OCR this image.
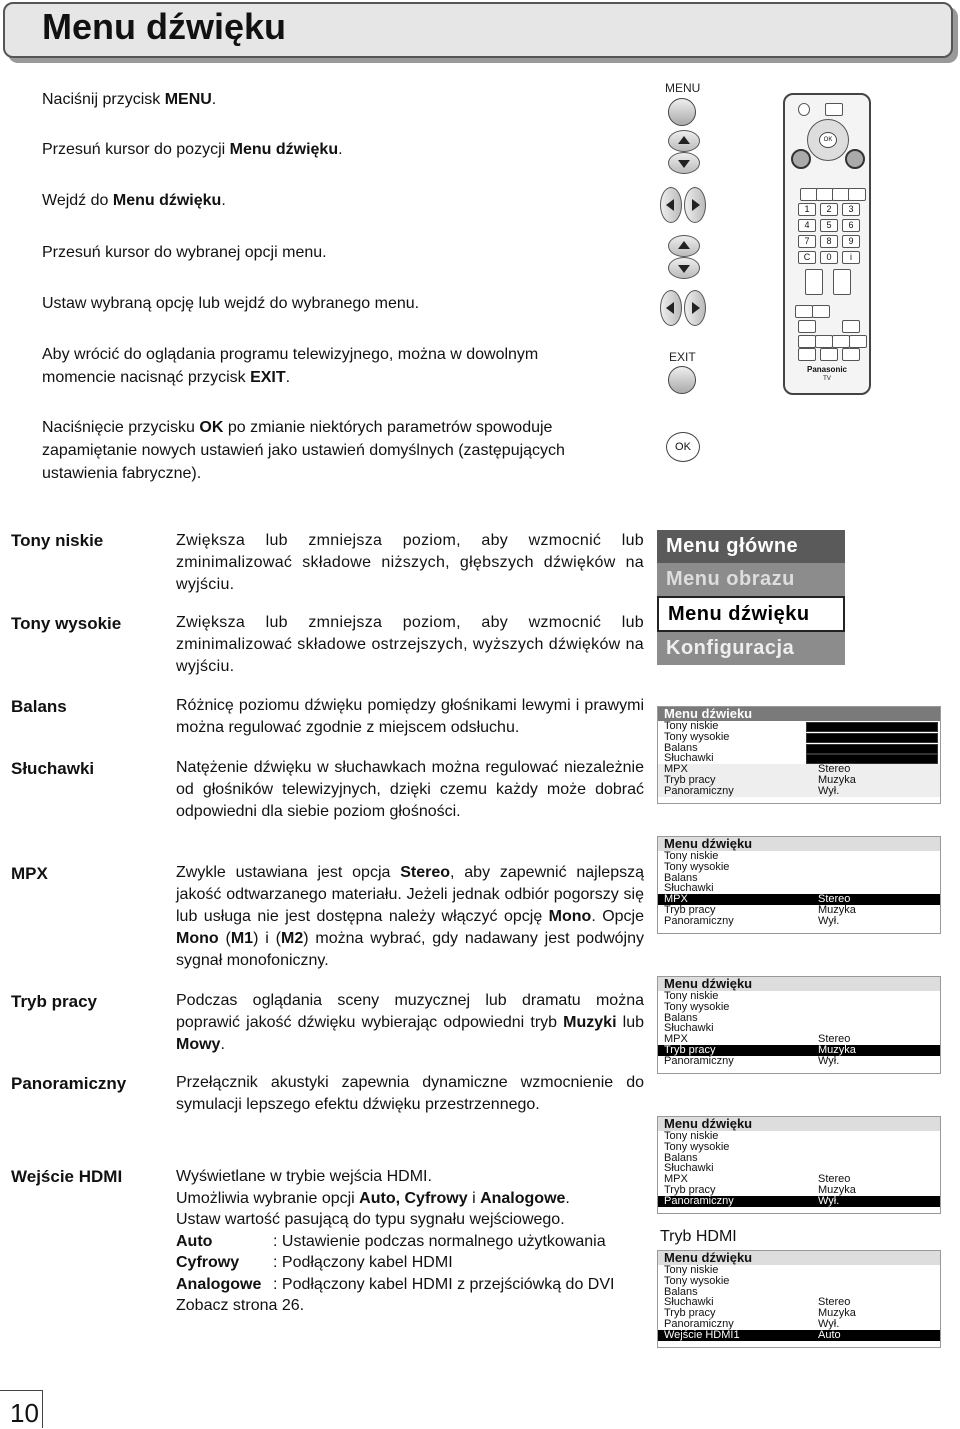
Menu dźwięku
Naciśnij przycisk MENU.
Przesuń kursor do pozycji Menu dźwięku.
Wejdź do Menu dźwięku.
Przesuń kursor do wybranej opcji menu.
Ustaw wybraną opcję lub wejdź do wybranego menu.
Aby wrócić do oglądania programu telewizyjnego, można w dowolnym
momencie nacisnąć przycisk EXIT.
Naciśnięcie przycisku OK po zmianie niektórych parametrów spowoduje
zapamiętanie nowych ustawień jako ustawień domyślnych (zastępujących
ustawienia fabryczne).
MENU
EXIT
OK
OK
1	2	3
4	5	6
7	8	9
C	0	i
Panasonic
TV
Tony niskie	Zwiększa lub zmniejsza poziom, aby wzmocnić lub zminimalizować składowe niższych, głębszych dźwięków na wyjściu.
Tony wysokie	Zwiększa lub zmniejsza poziom, aby wzmocnić lub zminimalizować składowe ostrzejszych, wyższych dźwięków na wyjściu.
Balans	Różnicę poziomu dźwięku pomiędzy głośnikami lewymi i prawymi można regulować zgodnie z miejscem odsłuchu.
Słuchawki	Natężenie dźwięku w słuchawkach można regulować niezależnie od głośników telewizyjnych, dzięki czemu każdy może dobrać odpowiedni dla siebie poziom głośności.
MPX	Zwykle ustawiana jest opcja Stereo, aby zapewnić najlepszą jakość odtwarzanego materiału. Jeżeli jednak odbiór pogorszy się lub usługa nie jest dostępna należy włączyć opcję Mono. Opcje Mono (M1) i (M2) można wybrać, gdy nadawany jest podwójny sygnał monofoniczny.
Tryb pracy	Podczas oglądania sceny muzycznej lub dramatu można poprawić jakość dźwięku wybierając odpowiedni tryb Muzyki lub Mowy.
Panoramiczny	Przełącznik akustyki zapewnia dynamiczne wzmocnienie do symulacji lepszego efektu dźwięku przestrzennego.
Wejście HDMI	Wyświetlane w trybie wejścia HDMI.
Umożliwia wybranie opcji Auto, Cyfrowy i Analogowe.
Ustaw wartość pasującą do typu sygnału wejściowego.
Auto	: Ustawienie podczas normalnego użytkowania
Cyfrowy : Podłączony kabel HDMI
Analogowe : Podłączony kabel HDMI z przejściówką do DVI
Zobacz strona 26.
Menu główne
Menu obrazu
Menu dźwięku
Konfiguracja
Menu dźwieku
Tony niskie
Tony wysokie
Balans
Słuchawki
MPX	Stereo
Tryb pracy	Muzyka
Panoramiczny	Wył.
Menu dźwięku
Tony niskie
Tony wysokie
Balans
Słuchawki
MPX	Stereo
Tryb pracy	Muzyka
Panoramiczny	Wył.
Menu dźwięku
Tony niskie
Tony wysokie
Balans
Słuchawki
MPX	Stereo
Tryb pracy	Muzyka
Panoramiczny	Wył.
Menu dźwięku
Tony niskie
Tony wysokie
Balans
Słuchawki
MPX	Stereo
Tryb pracy	Muzyka
Panoramiczny	Wył.
Tryb HDMI
Menu dźwięku
Tony niskie
Tony wysokie
Balans
Słuchawki	Stereo
Tryb pracy	Muzyka
Panoramiczny	Wył.
Wejście HDMI1	Auto
10
